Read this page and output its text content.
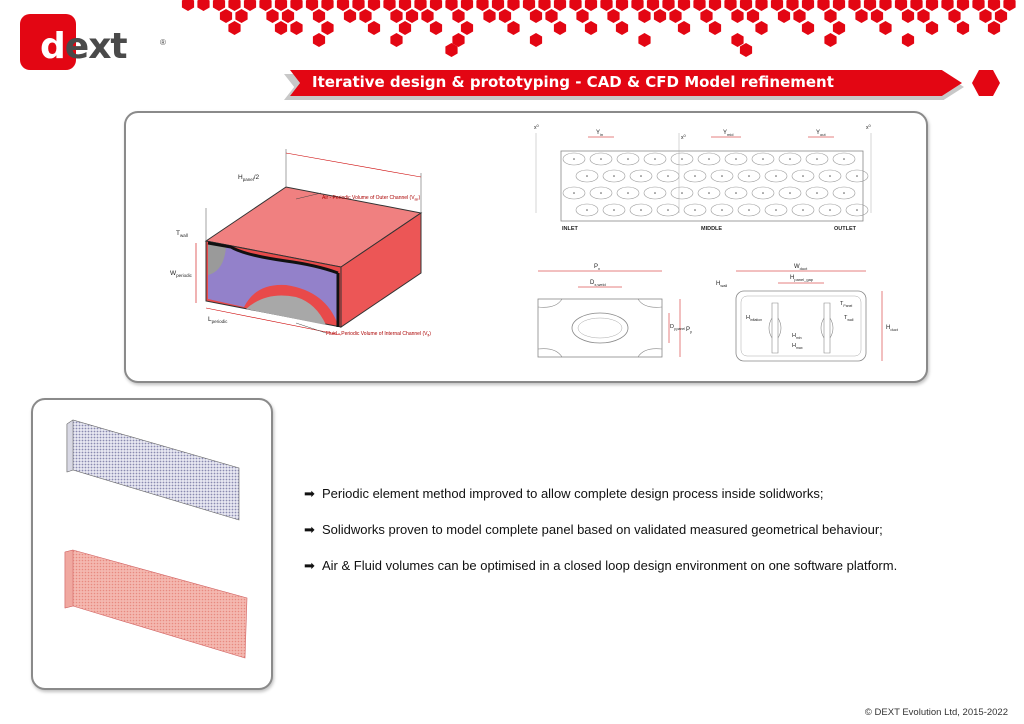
dext	®
Iterative design & prototyping - CAD & CFD Model refinement
$H_{panel}/2$
$T_{wall}$
$W_{periodic}$
$L_{periodic}$
Air - Periodic Volume of Outer Channel $(V_{air})$
Fluid - Periodic Volume of Internal Channel $(V_{fl})$
$x^0$
$x^0$
$x^0$
$Y_{in}$	$Y_{mid}$	$Y_{out}$
INLET	MIDDLE	OUTLET
$P_x$
$D_{x,weld}$
$D_{y,panel}$ $P_y$
$W_{duct}$
$H_{wall}$
$H_{panel\_gap}$
$T_{Panel}$
$T_{wall}$
$H_{inflation}$
$H_{min}$
$H_{max}$
$H_{duct}$
➡ Periodic element method improved to allow complete design process inside solidworks;
➡ Solidworks proven to model complete panel based on validated measured geometrical behaviour;
➡ Air & Fluid volumes can be optimised in a closed loop design environment on one software platform.
© DEXT Evolution Ltd, 2015-2022
